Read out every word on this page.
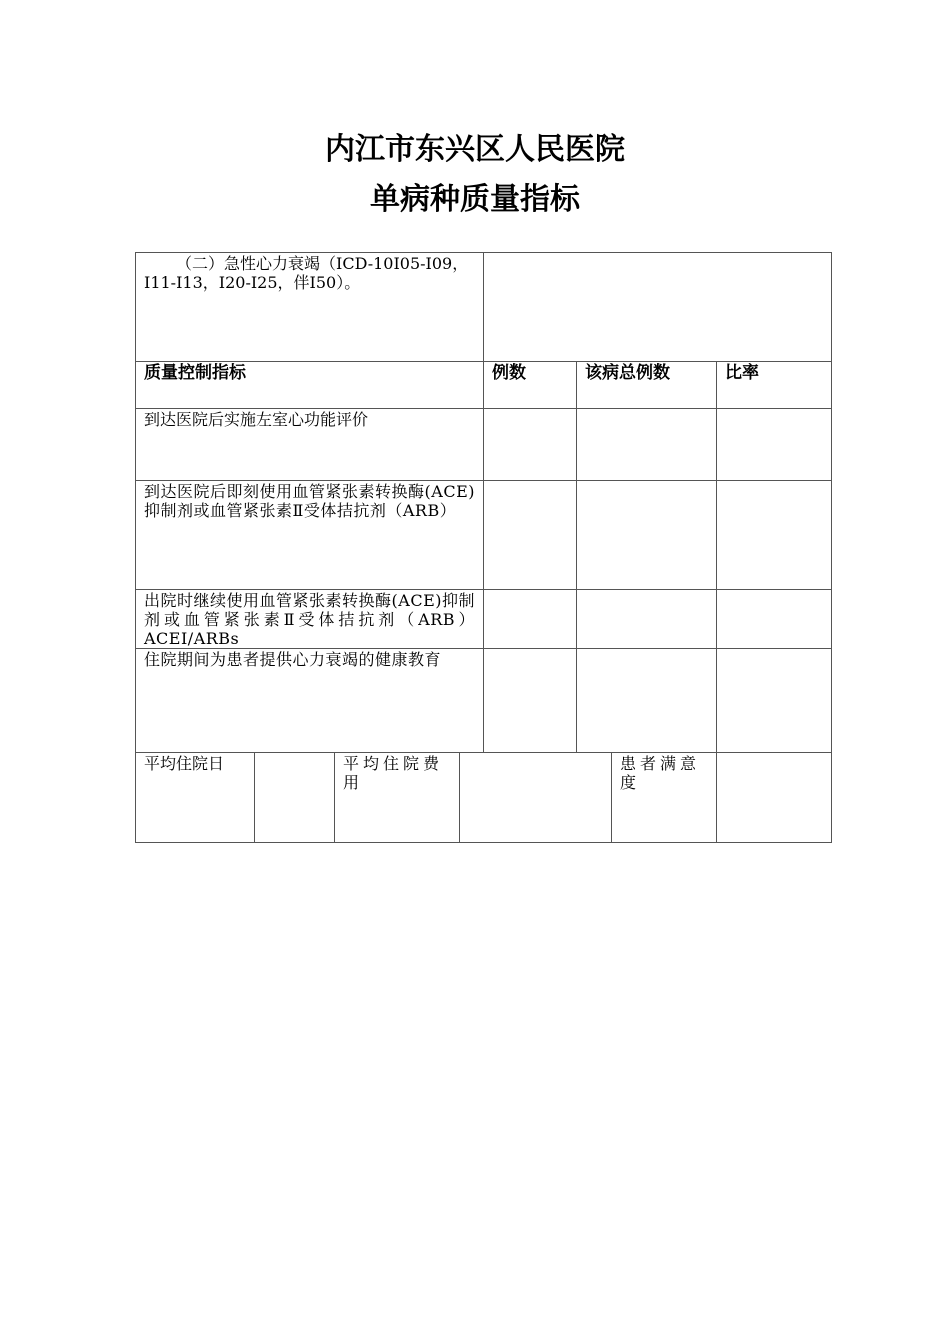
内江市东兴区人民医院
单病种质量指标
（二）急性心力衰竭（ICD-10I05-I09，I11-I13，I20-I25，伴I50）。							
质量控制指标				例数	该病总例数		比率
到达医院后实施左室心功能评价							
到达医院后即刻使用血管紧张素转换酶(ACE)抑制剂或血管紧张素Ⅱ受体拮抗剂（ARB）							
出院时继续使用血管紧张素转换酶(ACE)抑制剂或血管紧张素Ⅱ受体拮抗剂（ARB）ACEI/ARBs							
住院期间为患者提供心力衰竭的健康教育							
平均住院日		平均住院费用				患者满意度	
